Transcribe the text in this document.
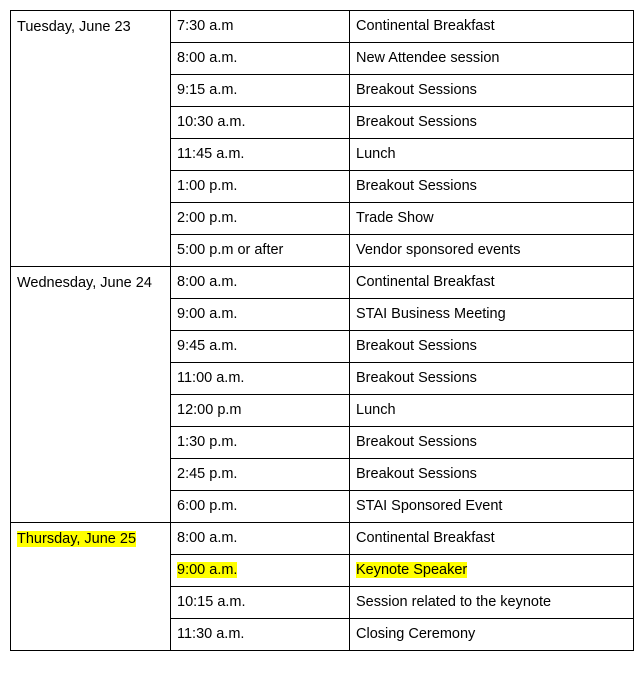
Tuesday, June 23	7:30 a.m	Continental Breakfast
	8:00 a.m.	New Attendee session
	9:15 a.m.	Breakout Sessions
	10:30 a.m.	Breakout Sessions
	11:45 a.m.	Lunch
	1:00 p.m.	Breakout Sessions
	2:00 p.m.	Trade Show
	5:00 p.m or after	Vendor sponsored events
Wednesday, June 24	8:00 a.m.	Continental Breakfast
	9:00 a.m.	STAI Business Meeting
	9:45 a.m.	Breakout Sessions
	11:00 a.m.	Breakout Sessions
	12:00 p.m	Lunch
	1:30 p.m.	Breakout Sessions
	2:45 p.m.	Breakout Sessions
	6:00 p.m.	STAI Sponsored Event
Thursday, June 25	8:00 a.m.	Continental Breakfast
	9:00 a.m.	Keynote Speaker
	10:15 a.m.	Session related to the keynote
	11:30 a.m.	Closing Ceremony
